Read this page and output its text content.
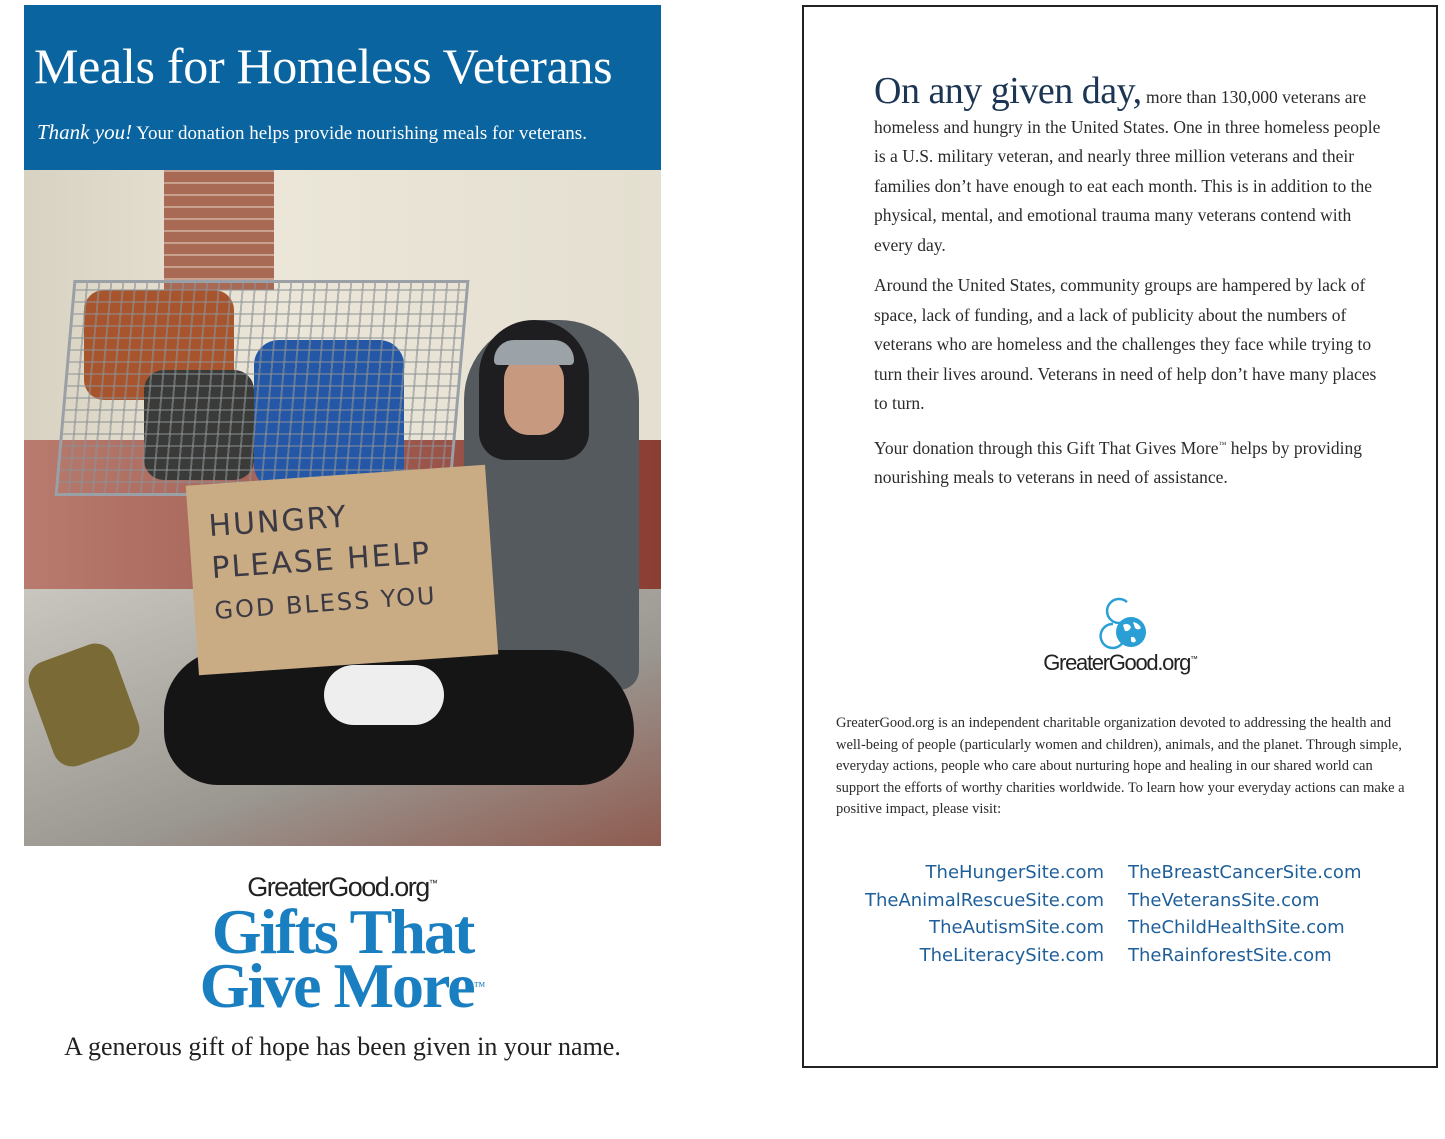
Meals for Homeless Veterans
Thank you! Your donation helps provide nourishing meals for veterans.
HUNGRY
PLEASE HELP
GOD BLESS YOU
GreaterGood.org™
Gifts That
Give More™
A generous gift of hope has been given in your name.

On any given day, more than 130,000 veterans are homeless and hungry in the United States. One in three homeless people is a U.S. military veteran, and nearly three million veterans and their families don’t have enough to eat each month. This is in addition to the physical, mental, and emotional trauma many veterans contend with every day.

Around the United States, community groups are hampered by lack of space, lack of funding, and a lack of publicity about the numbers of veterans who are homeless and the challenges they face while trying to turn their lives around. Veterans in need of help don’t have many places to turn.

Your donation through this Gift That Gives More™ helps by providing nourishing meals to veterans in need of assistance.

GreaterGood.org™
GreaterGood.org is an independent charitable organization devoted to addressing the health and well-being of people (particularly women and children), animals, and the planet. Through simple, everyday actions, people who care about nurturing hope and healing in our shared world can support the efforts of worthy charities worldwide. To learn how your everyday actions can make a positive impact, please visit:
TheHungerSite.com
TheAnimalRescueSite.com
TheAutismSite.com
TheLiteracySite.com
TheBreastCancerSite.com
TheVeteransSite.com
TheChildHealthSite.com
TheRainforestSite.com
